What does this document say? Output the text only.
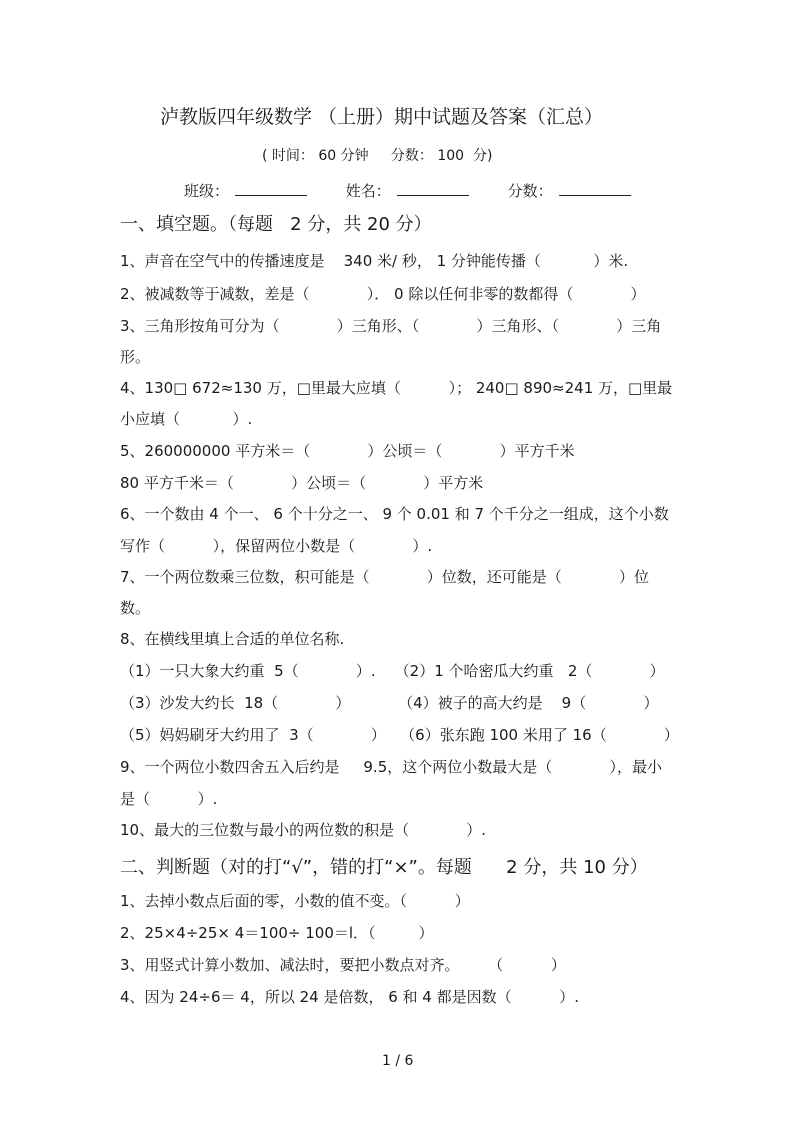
泸教版四年级数学 （上册）期中试题及答案（汇总）
( 时间： 60 分钟     分数： 100  分)
班级：	姓名：	分数：
一、填空题。（每题   2 分，共 20 分）
1、声音在空气中的传播速度是    340 米/ 秒， 1 分钟能传播（           ）米.
2、被减数等于减数，差是（            ）． 0 除以任何非零的数都得（            ）
3、三角形按角可分为（            ）三角形、（            ）三角形、（            ）三角
形。
4、130□ 672≈130 万，□里最大应填（          ）； 240□ 890≈241 万，□里最
小应填（           ）.
5、260000000 平方米＝（            ）公顷＝（            ）平方千米
80 平方千米＝（            ）公顷＝（            ）平方米
6、一个数由 4 个一、 6 个十分之一、 9 个 0.01 和 7 个千分之一组成，这个小数
写作（          ），保留两位小数是（            ）.
7、一个两位数乘三位数，积可能是（            ）位数，还可能是（            ）位
数。
8、在横线里填上合适的单位名称.
（1）一只大象大约重  5（            ）.    （2）1 个哈密瓜大约重   2（            ）
（3）沙发大约长  18（            ）          （4）被子的高大约是    9（            ）
（5）妈妈刷牙大约用了  3（            ）   （6）张东跑 100 米用了 16（            ）
9、一个两位小数四舍五入后约是     9.5，这个两位小数最大是（            ），最小
是（          ）.
10、最大的三位数与最小的两位数的积是（            ）.
二、判断题（对的打“√”，错的打“×”。每题      2 分，共 10 分）
1、去掉小数点后面的零，小数的值不变。（          ）
2、25×4÷25× 4＝100÷ 100＝l．（         ）
3、用竖式计算小数加、减法时，要把小数点对齐。      （          ）
4、因为 24÷6＝ 4，所以 24 是倍数， 6 和 4 都是因数（          ）.
1 / 6
